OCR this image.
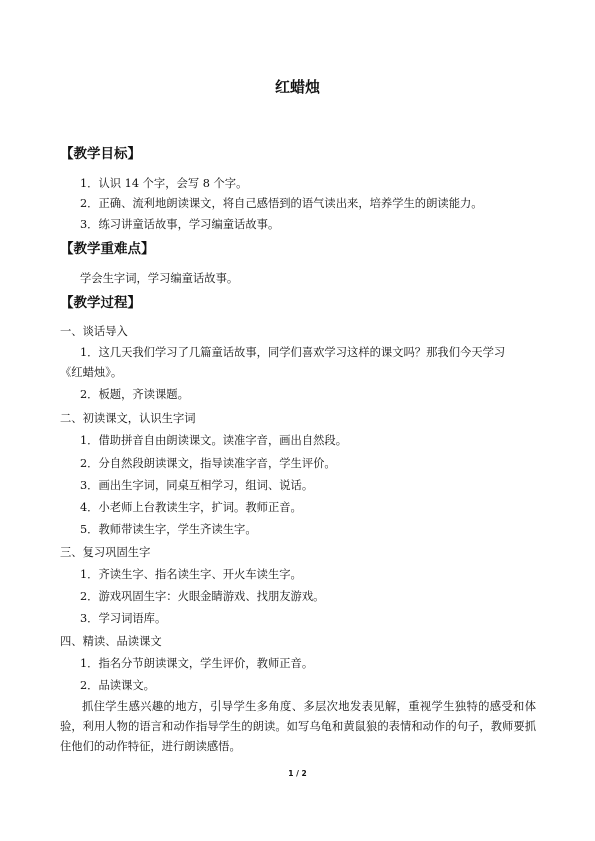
红蜡烛
【教学目标】
1．认识 14 个字，会写 8 个字。
2．正确、流利地朗读课文，将自己感悟到的语气读出来，培养学生的朗读能力。
3．练习讲童话故事，学习编童话故事。
【教学重难点】
学会生字词，学习编童话故事。
【教学过程】
一、谈话导入
1．这几天我们学习了几篇童话故事，同学们喜欢学习这样的课文吗？那我们今天学习
《红蜡烛》。
2．板题，齐读课题。
二、初读课文，认识生字词
1．借助拼音自由朗读课文。读准字音，画出自然段。
2．分自然段朗读课文，指导读准字音，学生评价。
3．画出生字词，同桌互相学习，组词、说话。
4．小老师上台教读生字，扩词。教师正音。
5．教师带读生字，学生齐读生字。
三、复习巩固生字
1．齐读生字、指名读生字、开火车读生字。
2．游戏巩固生字：火眼金睛游戏、找朋友游戏。
3．学习词语库。
四、精读、品读课文
1．指名分节朗读课文，学生评价，教师正音。
2．品读课文。
抓住学生感兴趣的地方，引导学生多角度、多层次地发表见解，重视学生独特的感受和体验，利用人物的语言和动作指导学生的朗读。如写乌龟和黄鼠狼的表情和动作的句子，教师要抓住他们的动作特征，进行朗读感悟。
1 / 2
